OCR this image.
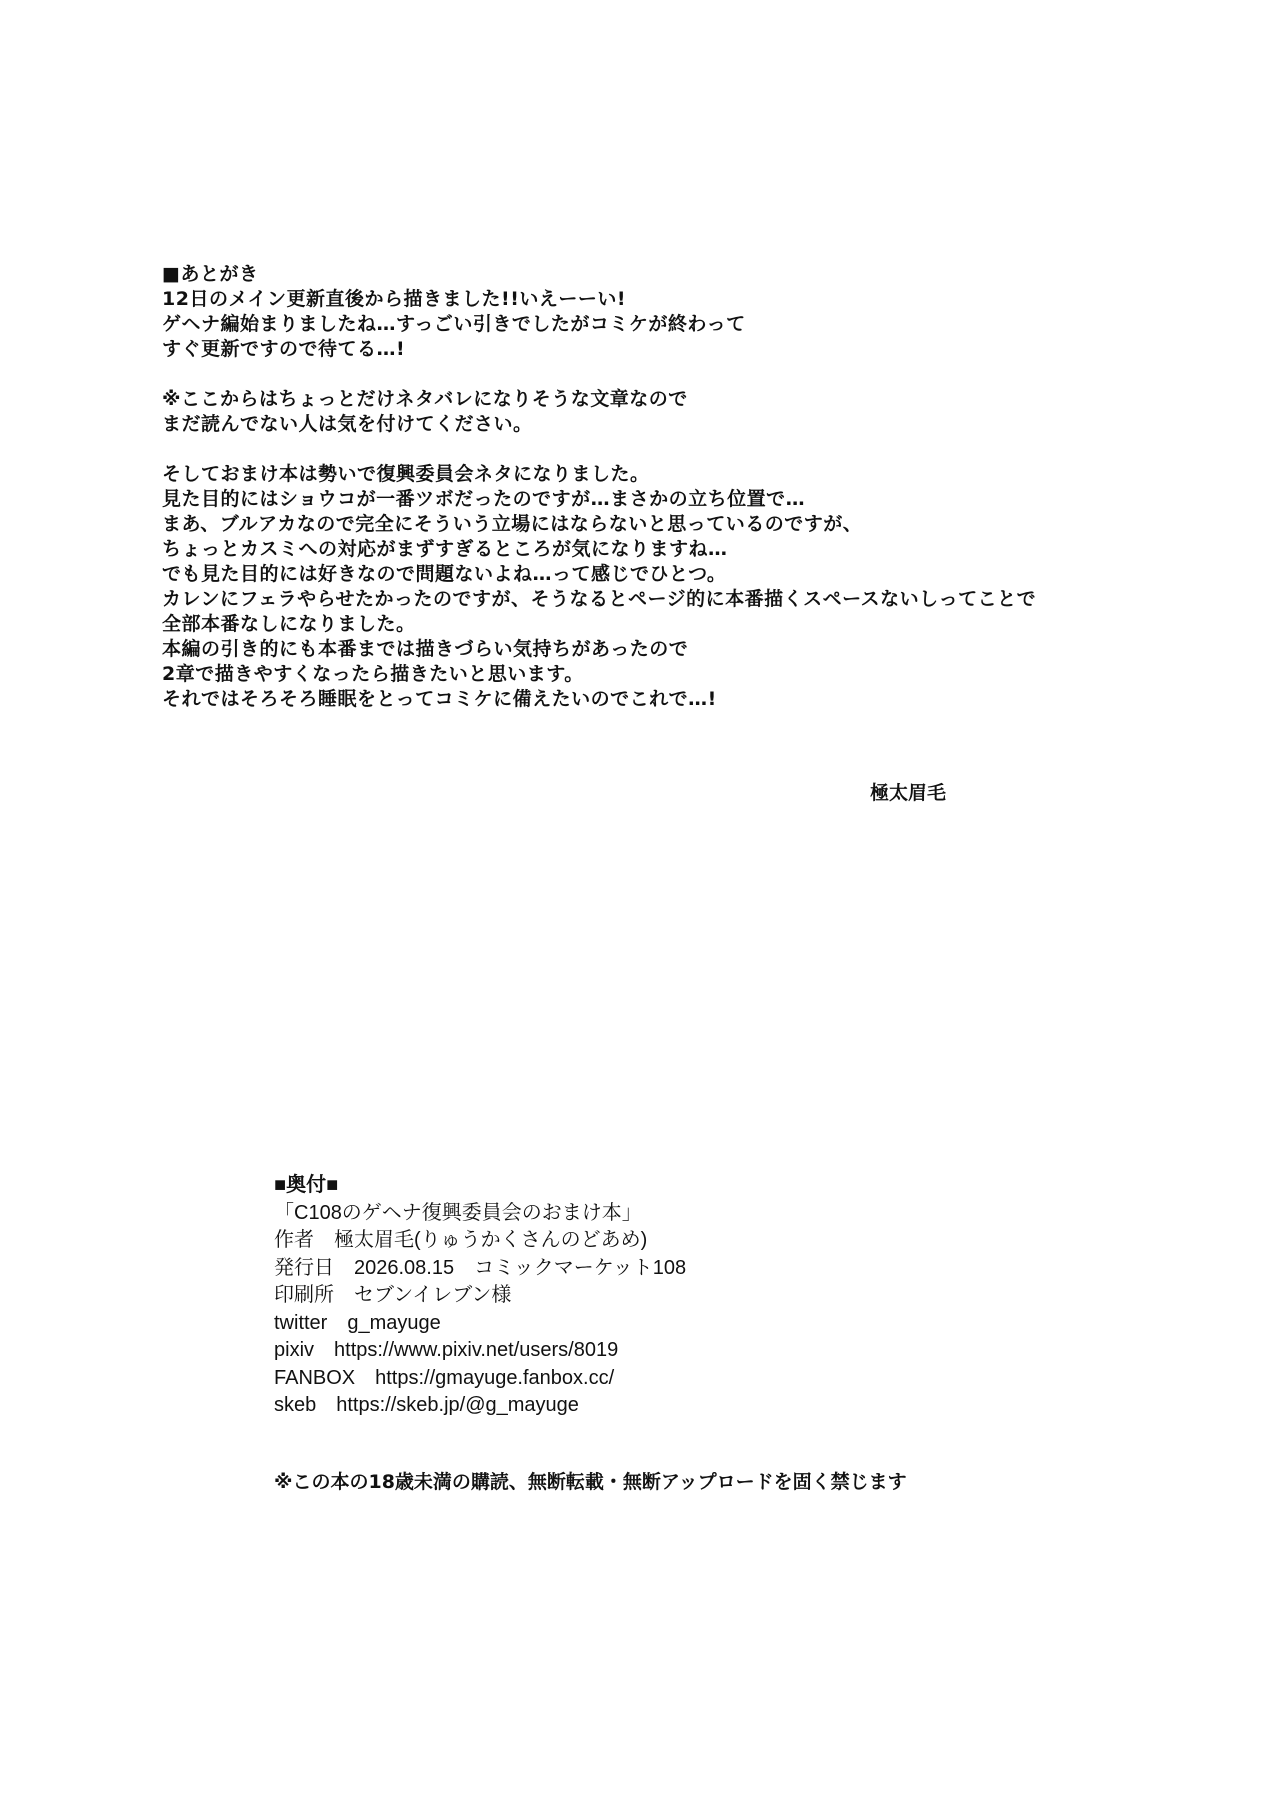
■あとがき
12日のメイン更新直後から描きました!!いえーーい!
ゲヘナ編始まりましたね…すっごい引きでしたがコミケが終わって
すぐ更新ですので待てる…!
※ここからはちょっとだけネタバレになりそうな文章なので
まだ読んでない人は気を付けてください。
そしておまけ本は勢いで復興委員会ネタになりました。
見た目的にはショウコが一番ツボだったのですが…まさかの立ち位置で…
まあ、ブルアカなので完全にそういう立場にはならないと思っているのですが、
ちょっとカスミへの対応がまずすぎるところが気になりますね…
でも見た目的には好きなので問題ないよね…って感じでひとつ。
カレンにフェラやらせたかったのですが、そうなるとページ的に本番描くスペースないしってことで
全部本番なしになりました。
本編の引き的にも本番までは描きづらい気持ちがあったので
2章で描きやすくなったら描きたいと思います。
それではそろそろ睡眠をとってコミケに備えたいのでこれで…!
極太眉毛
■奥付■
「C108のゲヘナ復興委員会のおまけ本」
作者　極太眉毛(りゅうかくさんのどあめ)
発行日　2026.08.15　コミックマーケット108
印刷所　セブンイレブン様
twitter　g_mayuge
pixiv　https://www.pixiv.net/users/8019
FANBOX　https://gmayuge.fanbox.cc/
skeb　https://skeb.jp/@g_mayuge
※この本の18歳未満の購読、無断転載・無断アップロードを固く禁じます
